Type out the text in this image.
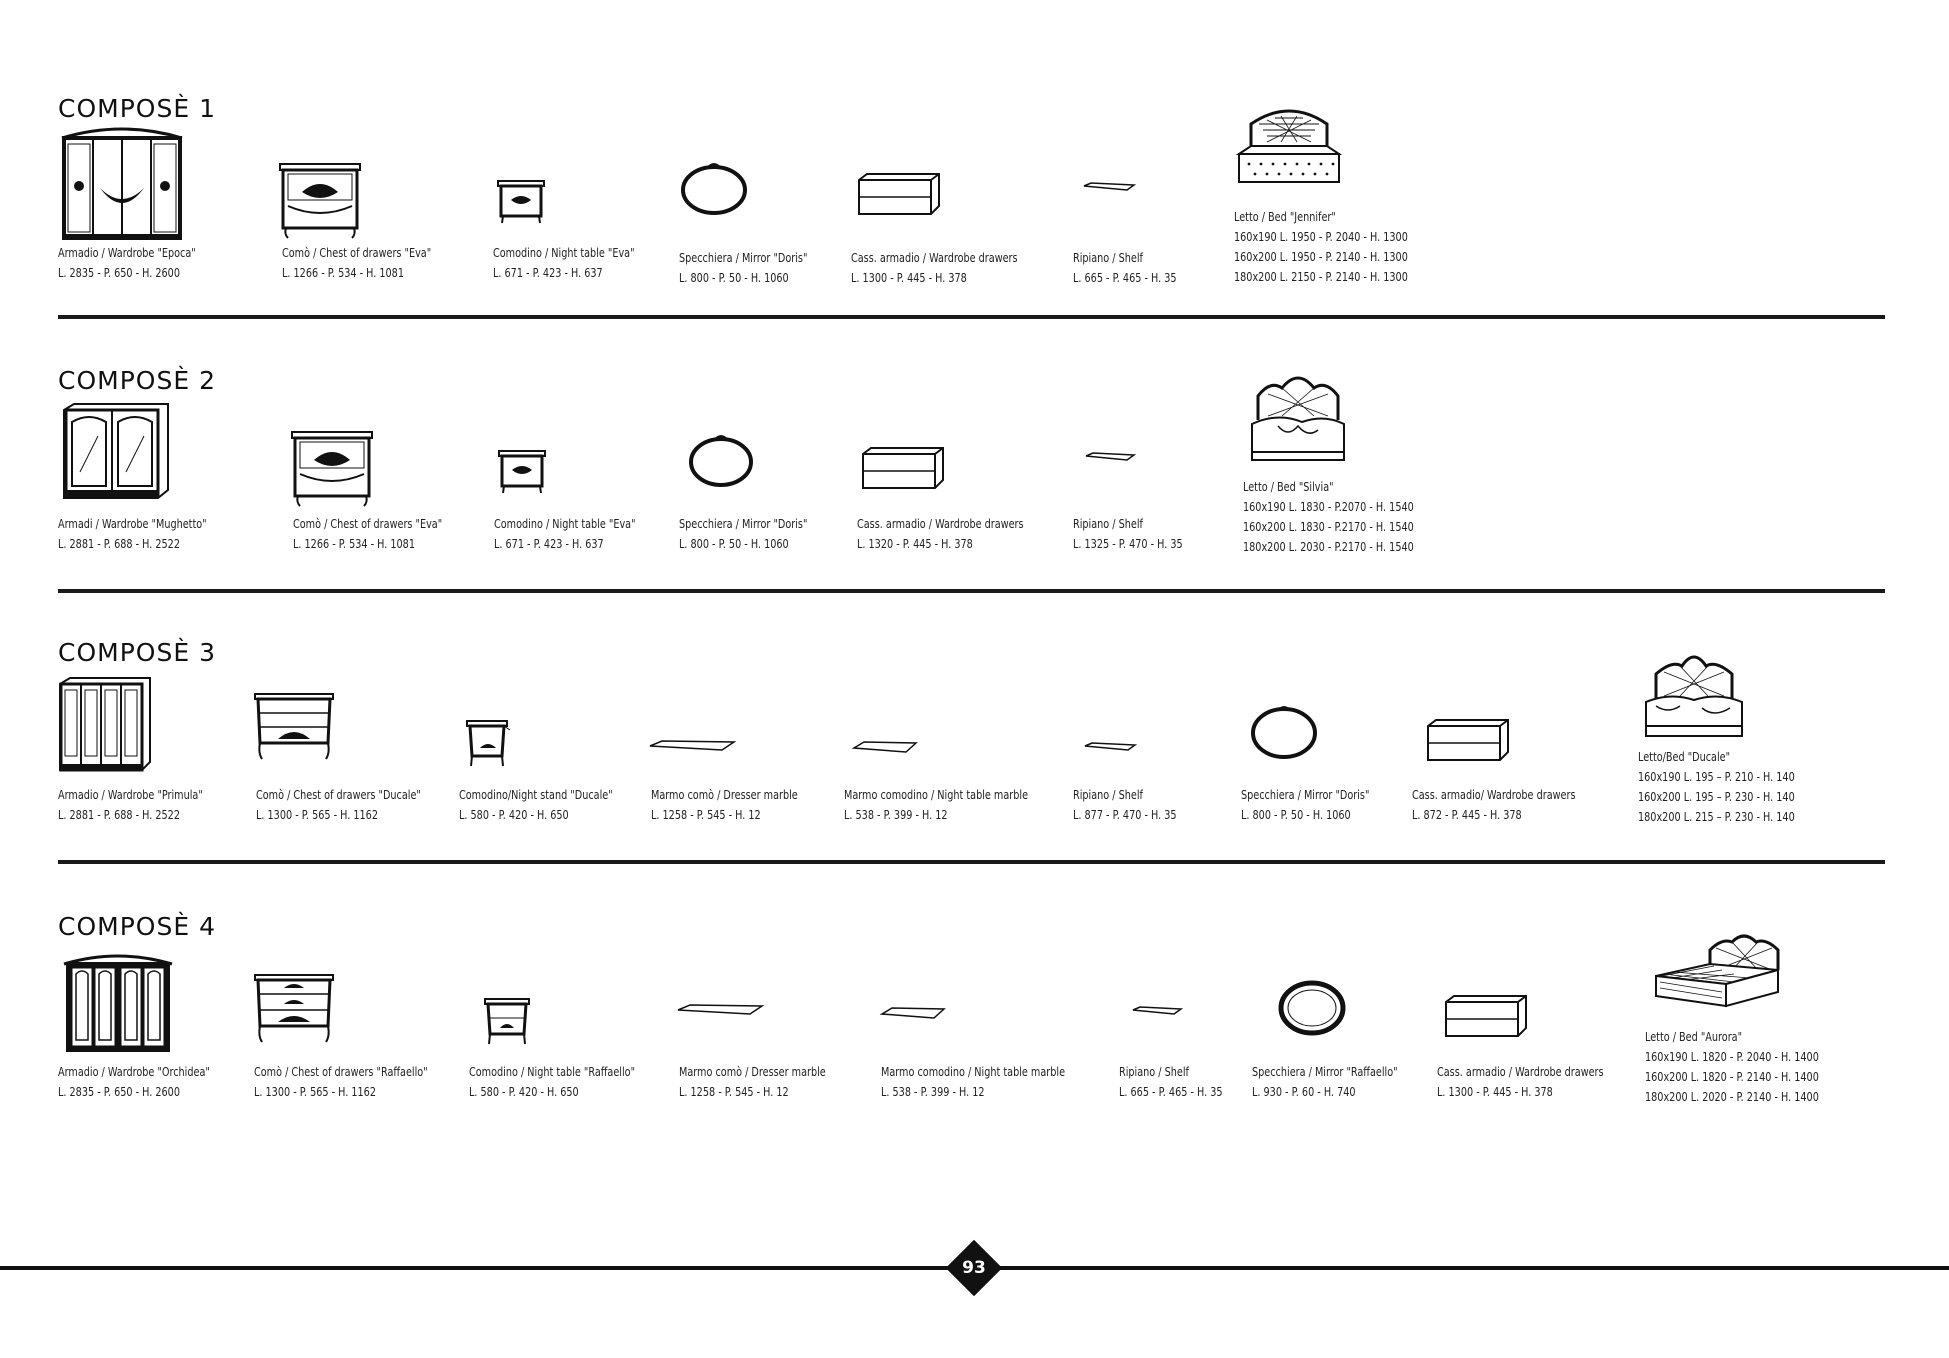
COMPOSÈ 1
COMPOSÈ 2
COMPOSÈ 3
COMPOSÈ 4
Armadio / Wardrobe "Epoca"
L. 2835 - P. 650 - H. 2600
Comò / Chest of drawers "Eva"
L. 1266 - P. 534 - H. 1081
Comodino / Night table "Eva"
L. 671 - P. 423 - H. 637
Specchiera / Mirror "Doris"
L. 800 - P. 50 - H. 1060
Cass. armadio / Wardrobe drawers
L. 1300 - P. 445 - H. 378
Ripiano / Shelf
L. 665 - P. 465 - H. 35
Letto / Bed "Jennifer"
160x190 L. 1950 - P. 2040 - H. 1300
160x200 L. 1950 - P. 2140 - H. 1300
180x200 L. 2150 - P. 2140 - H. 1300
Armadi / Wardrobe "Mughetto"
L. 2881 - P. 688 - H. 2522
Comò / Chest of drawers "Eva"
L. 1266 - P. 534 - H. 1081
Comodino / Night table "Eva"
L. 671 - P. 423 - H. 637
Specchiera / Mirror "Doris"
L. 800 - P. 50 - H. 1060
Cass. armadio / Wardrobe drawers
L. 1320 - P. 445 - H. 378
Ripiano / Shelf
L. 1325 - P. 470 - H. 35
Letto / Bed "Silvia"
160x190 L. 1830 - P.2070 - H. 1540
160x200 L. 1830 - P.2170 - H. 1540
180x200 L. 2030 - P.2170 - H. 1540
Armadio / Wardrobe "Primula"
L. 2881 - P. 688 - H. 2522
Comò / Chest of drawers "Ducale"
L. 1300 - P. 565 - H. 1162
Comodino/Night stand "Ducale"
L. 580 - P. 420 - H. 650
Marmo comò / Dresser marble
L. 1258 - P. 545 - H. 12
Marmo comodino / Night table marble
L. 538 - P. 399 - H. 12
Ripiano / Shelf
L. 877 - P. 470 - H. 35
Specchiera / Mirror "Doris"
L. 800 - P. 50 - H. 1060
Cass. armadio/ Wardrobe drawers
L. 872 - P. 445 - H. 378
Letto/Bed "Ducale"
160x190 L. 195 – P. 210 - H. 140
160x200 L. 195 – P. 230 - H. 140
180x200 L. 215 – P. 230 - H. 140
Armadio / Wardrobe "Orchidea"
L. 2835 - P. 650 - H. 2600
Comò / Chest of drawers "Raffaello"
L. 1300 - P. 565 - H. 1162
Comodino / Night table "Raffaello"
L. 580 - P. 420 - H. 650
Marmo comò / Dresser marble
L. 1258 - P. 545 - H. 12
Marmo comodino / Night table marble
L. 538 - P. 399 - H. 12
Ripiano / Shelf
L. 665 - P. 465 - H. 35
Specchiera / Mirror "Raffaello"
L. 930 - P. 60 - H. 740
Cass. armadio / Wardrobe drawers
L. 1300 - P. 445 - H. 378
Letto / Bed "Aurora"
160x190 L. 1820 - P. 2040 - H. 1400
160x200 L. 1820 - P. 2140 - H. 1400
180x200 L. 2020 - P. 2140 - H. 1400
93
